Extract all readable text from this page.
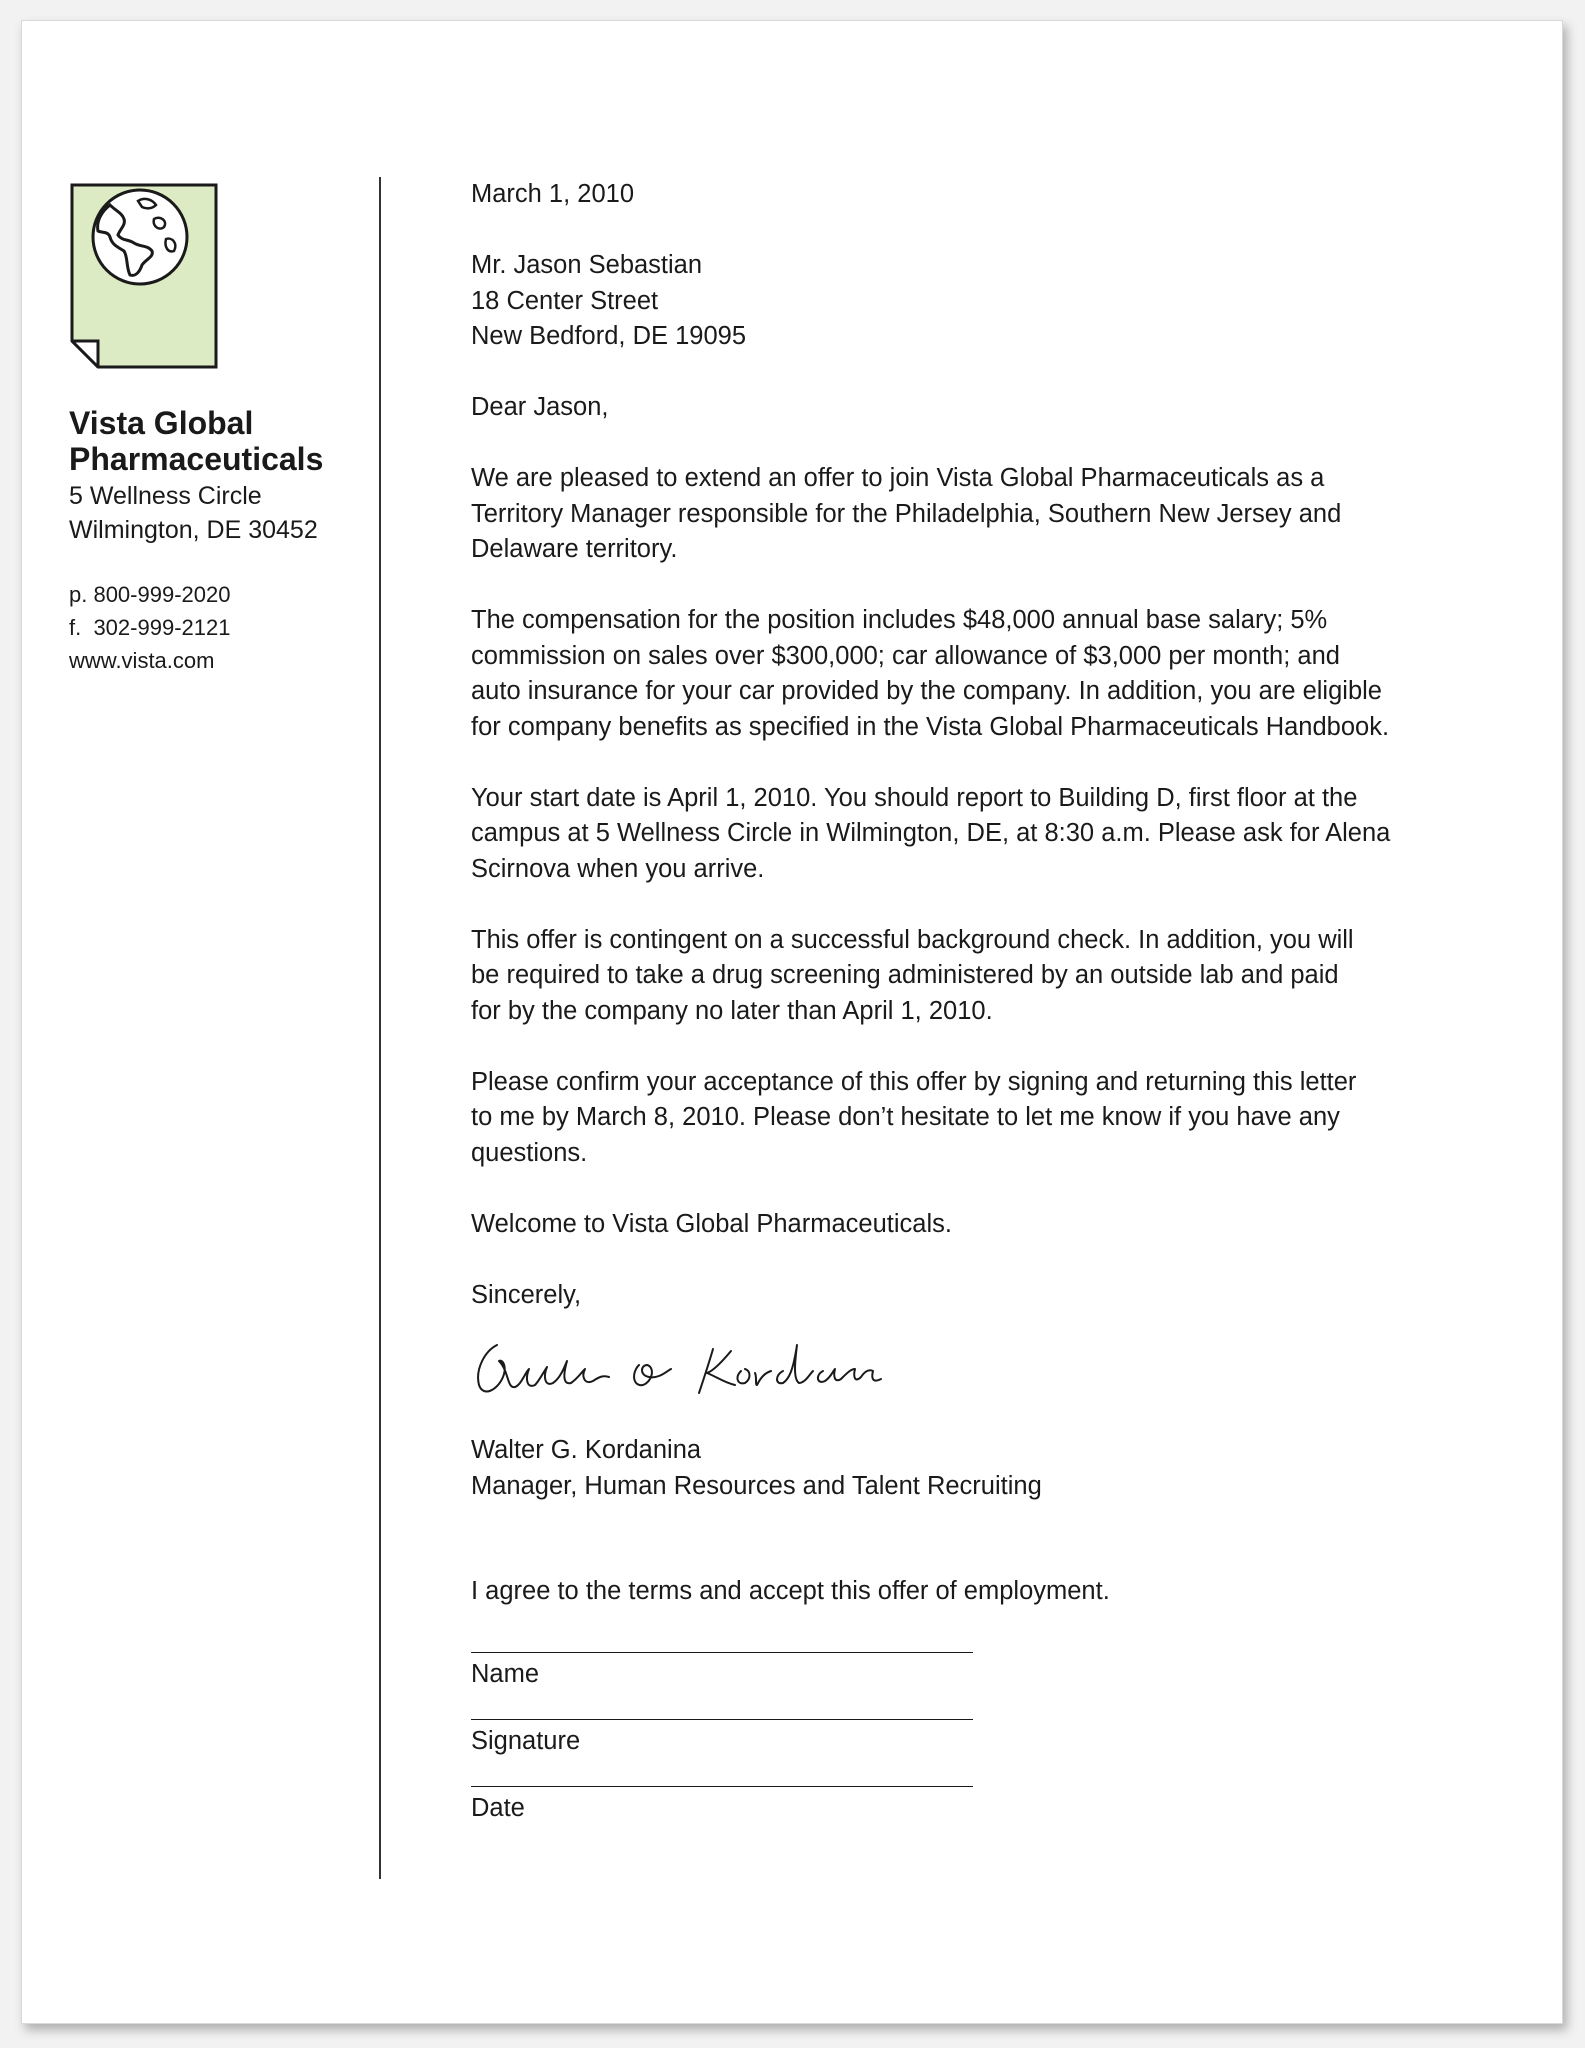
Vista Global
Pharmaceuticals
5 Wellness Circle
Wilmington, DE 30452
p. 800-999-2020
f.  302-999-2121
www.vista.com
March 1, 2010
Mr. Jason Sebastian
18 Center Street
New Bedford, DE 19095
Dear Jason,
We are pleased to extend an offer to join Vista Global Pharmaceuticals as a
Territory Manager responsible for the Philadelphia, Southern New Jersey and
Delaware territory.
The compensation for the position includes $48,000 annual base salary; 5%
commission on sales over $300,000; car allowance of $3,000 per month; and
auto insurance for your car provided by the company. In addition, you are eligible
for company benefits as specified in the Vista Global Pharmaceuticals Handbook.
Your start date is April 1, 2010. You should report to Building D, first floor at the
campus at 5 Wellness Circle in Wilmington, DE, at 8:30 a.m. Please ask for Alena
Scirnova when you arrive.
This offer is contingent on a successful background check. In addition, you will
be required to take a drug screening administered by an outside lab and paid
for by the company no later than April 1, 2010.
Please confirm your acceptance of this offer by signing and returning this letter
to me by March 8, 2010. Please don’t hesitate to let me know if you have any
questions.
Welcome to Vista Global Pharmaceuticals.
Sincerely,
Walter G. Kordanina
Manager, Human Resources and Talent Recruiting
I agree to the terms and accept this offer of employment.
Name
Signature
Date
